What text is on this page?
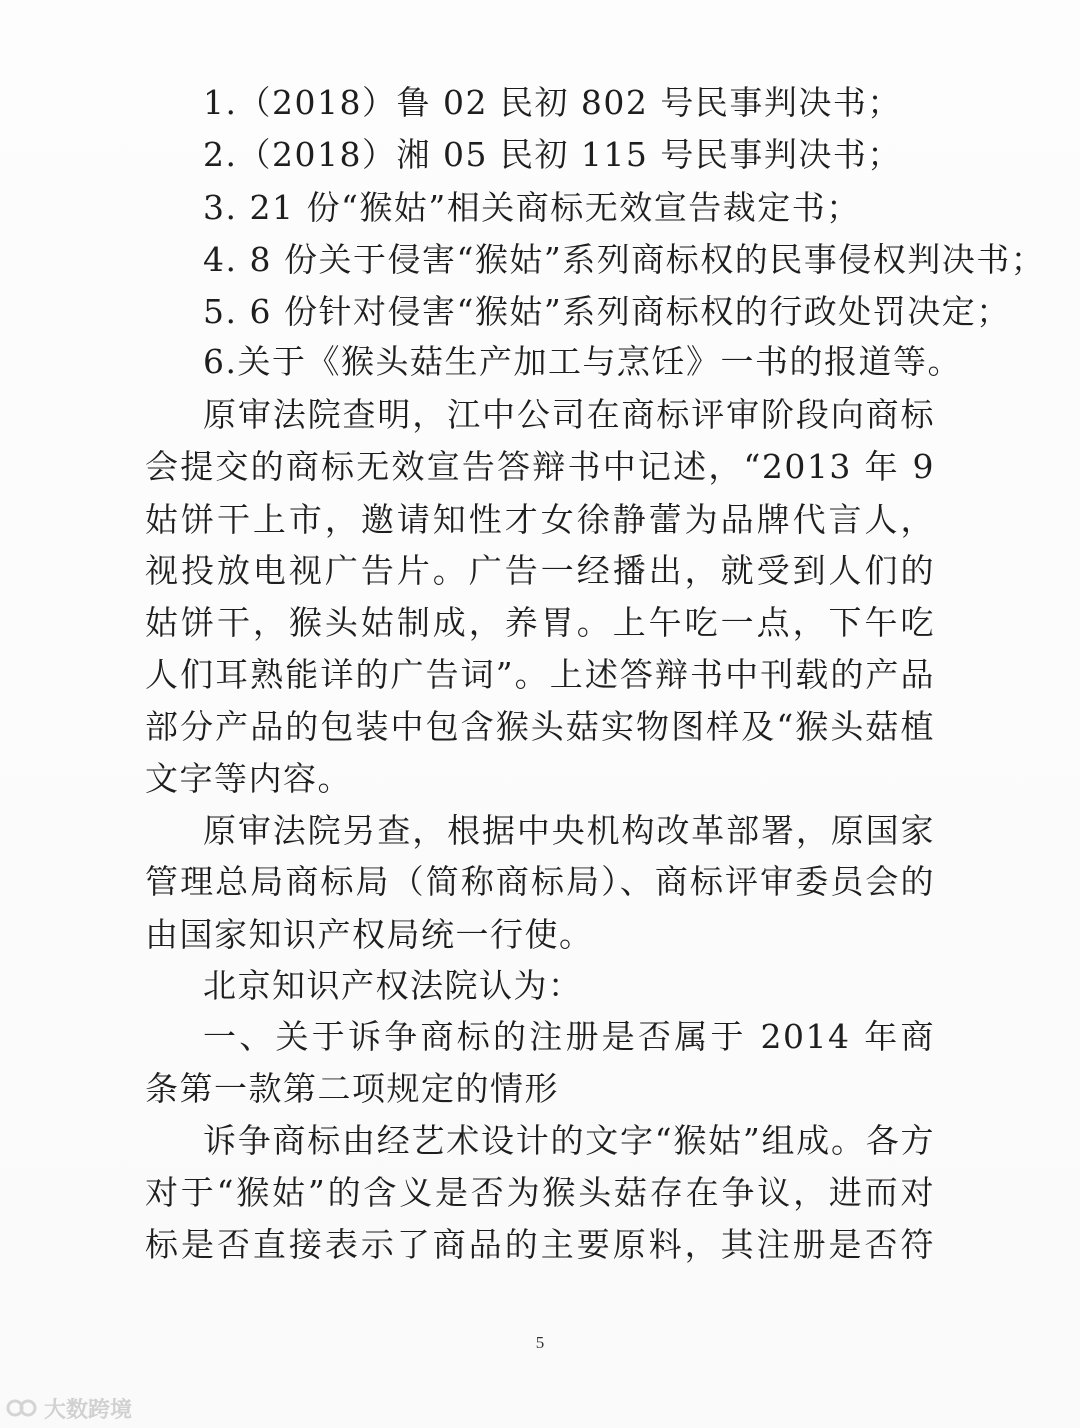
1.（2018）鲁 02 民初 802 号民事判决书；
2.（2018）湘 05 民初 115 号民事判决书；
3. 21 份“猴姑”相关商标无效宣告裁定书；
4. 8 份关于侵害“猴姑”系列商标权的民事侵权判决书；
5. 6 份针对侵害“猴姑”系列商标权的行政处罚决定；
6.关于《猴头菇生产加工与烹饪》一书的报道等。
原审法院查明，江中公司在商标评审阶段向商标
会提交的商标无效宣告答辩书中记述，“2013 年 9
姑饼干上市，邀请知性才女徐静蕾为品牌代言人，
视投放电视广告片。广告一经播出，就受到人们的
姑饼干，猴头姑制成，养胃。上午吃一点，下午吃
人们耳熟能详的广告词”。上述答辩书中刊载的产品
部分产品的包装中包含猴头菇实物图样及“猴头菇植
文字等内容。
原审法院另查，根据中央机构改革部署，原国家
管理总局商标局（简称商标局）、商标评审委员会的
由国家知识产权局统一行使。
北京知识产权法院认为：
一、关于诉争商标的注册是否属于 2014 年商
条第一款第二项规定的情形
诉争商标由经艺术设计的文字“猴姑”组成。各方
对于“猴姑”的含义是否为猴头菇存在争议，进而对
标是否直接表示了商品的主要原料，其注册是否符
5
大数跨境
